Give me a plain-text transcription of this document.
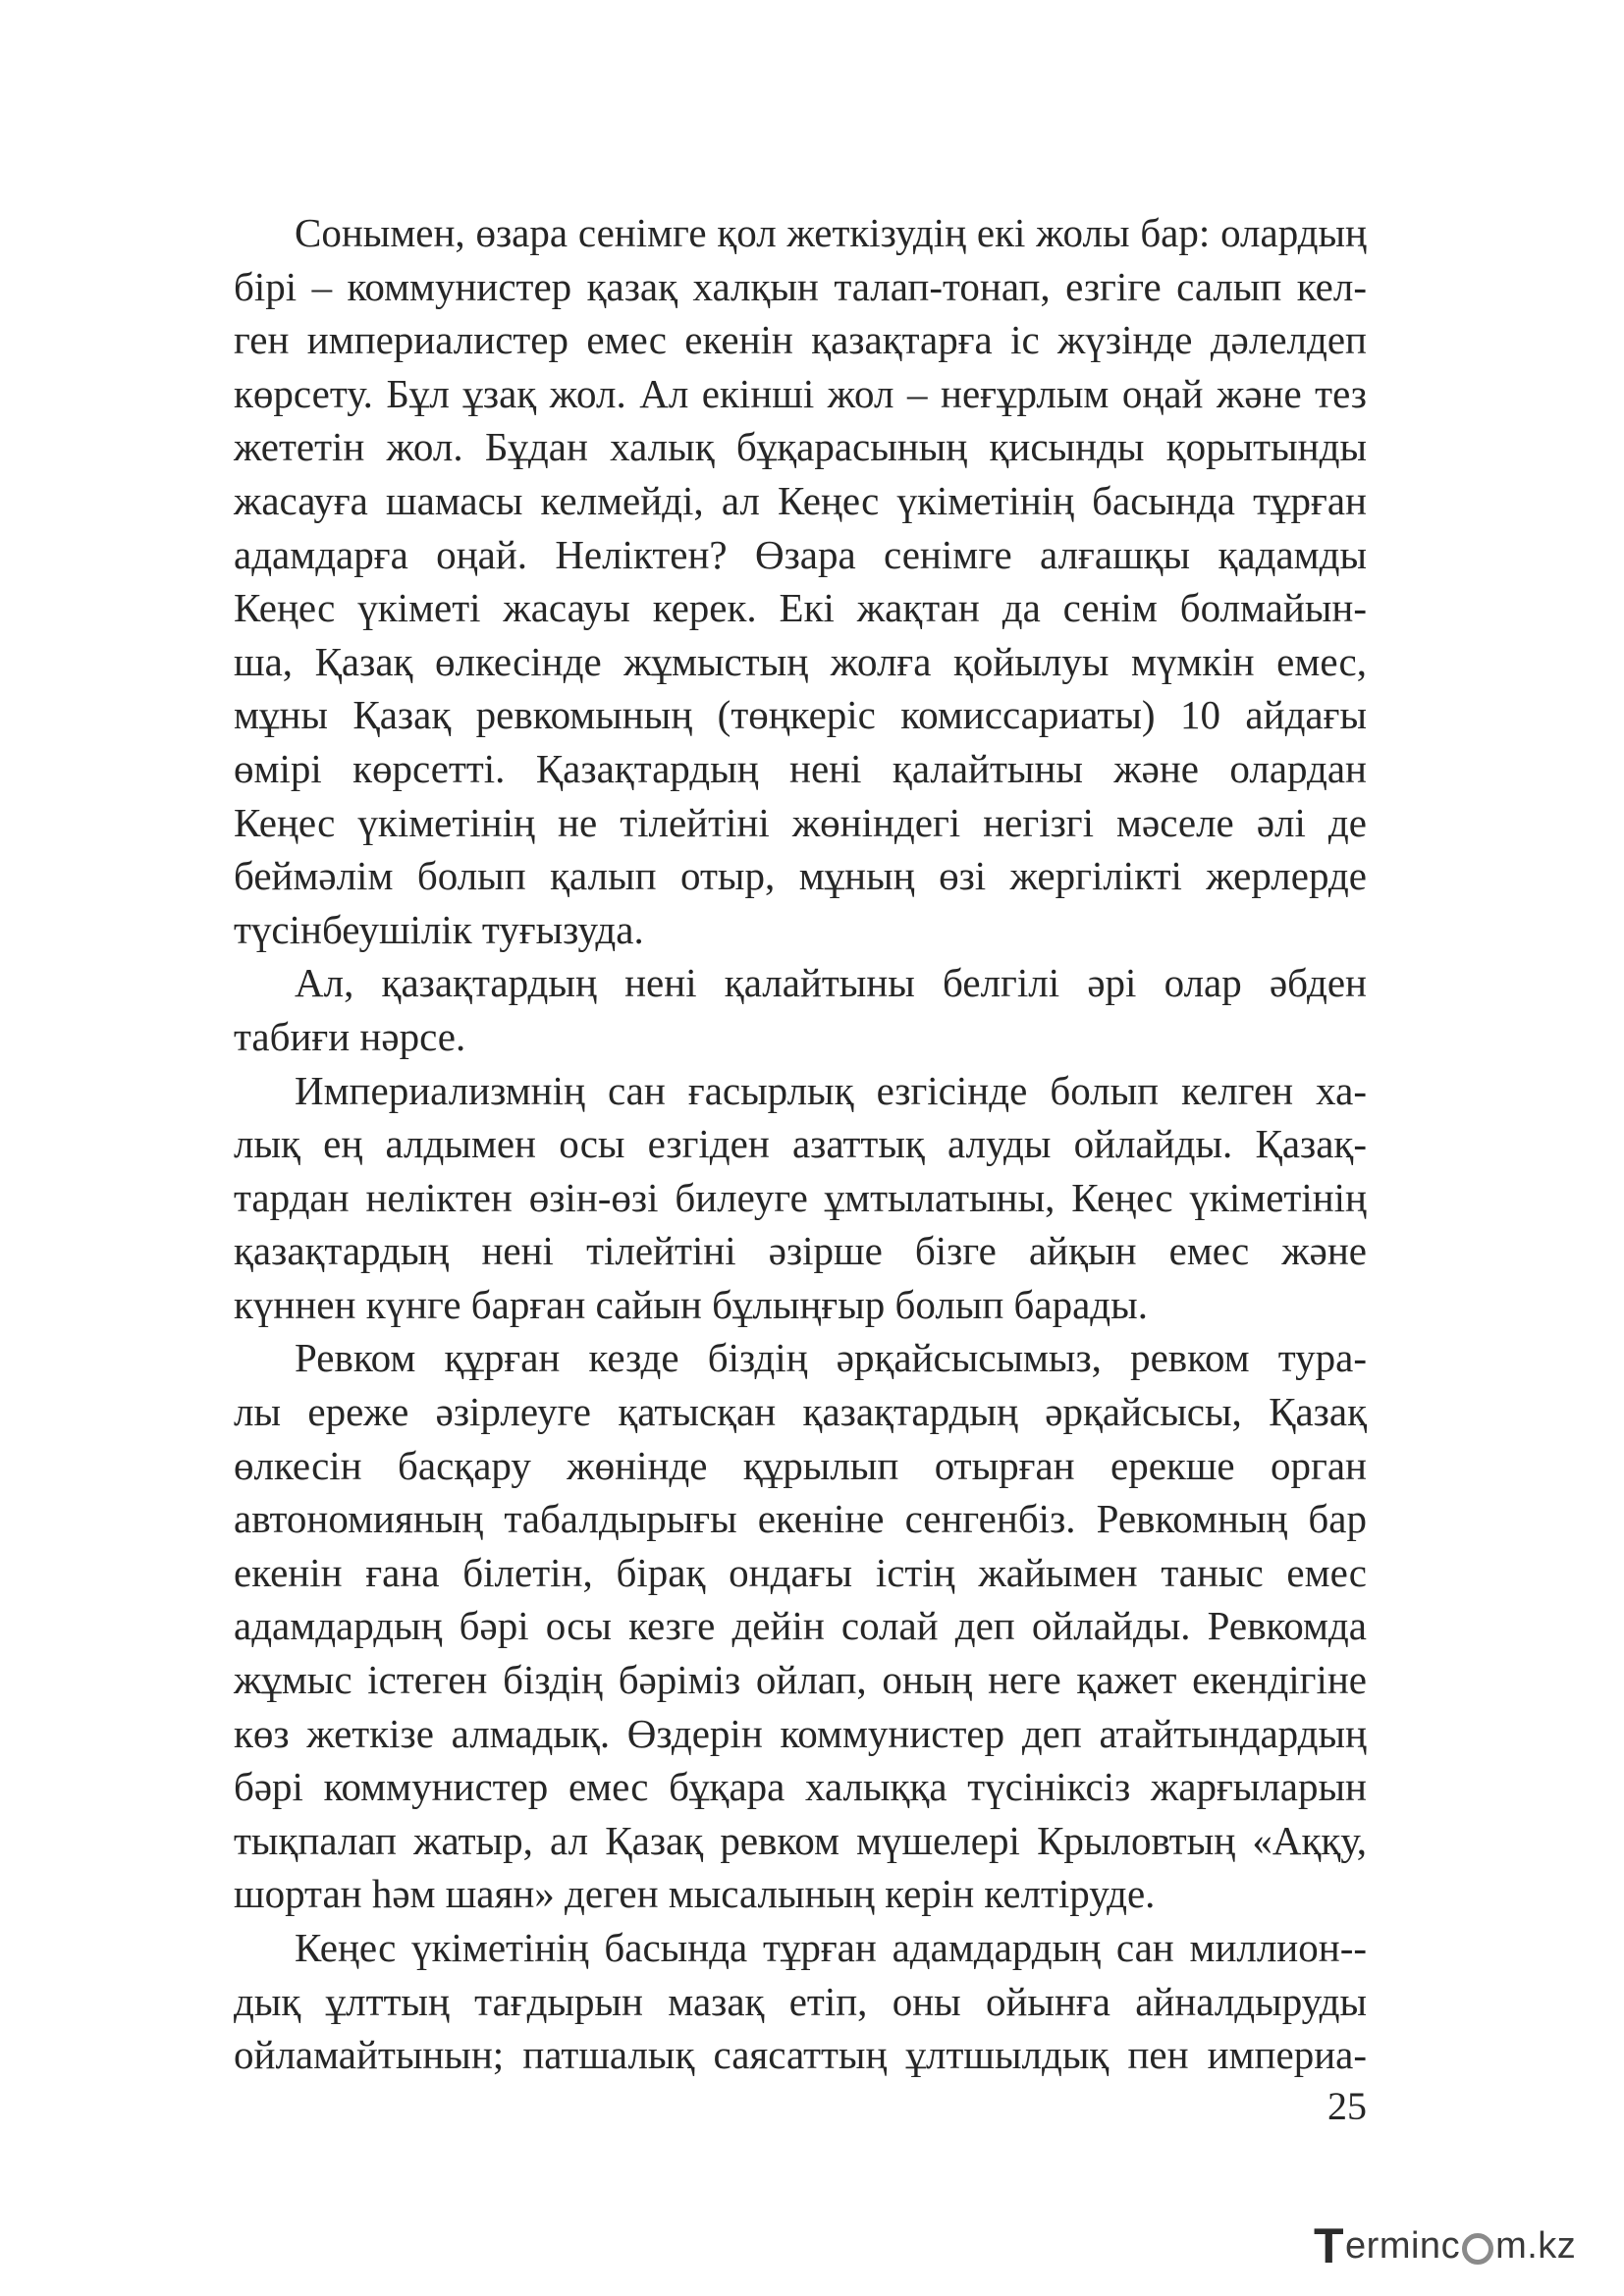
Сонымен, өзара сенімге қол жеткізудің екі жолы бар: олардың
бірі – коммунистер қазақ халқын талап-тонап, езгіге салып кел-
ген империалистер емес екенін қазақтарға іс жүзінде дәлелдеп
көрсету. Бұл ұзақ жол. Ал екінші жол – неғұрлым оңай және тез
жететін жол. Бұдан халық бұқарасының қисынды қорытынды
жасауға шамасы келмейді, ал Кеңес үкіметінің басында тұрған
адамдарға оңай. Неліктен? Өзара сенімге алғашқы қадамды
Кеңес үкіметі жасауы керек. Екі жақтан да сенім болмайын-
ша, Қазақ өлкесінде жұмыстың жолға қойылуы мүмкін емес,
мұны Қазақ ревкомының (төңкеріс комиссариаты) 10 айдағы
өмірі көрсетті. Қазақтардың нені қалайтыны және олардан
Кеңес үкіметінің не тілейтіні жөніндегі негізгі мәселе әлі де
беймәлім болып қалып отыр, мұның өзі жергілікті жерлерде
түсінбеушілік туғызуда.
Ал, қазақтардың нені қалайтыны белгілі әрі олар әбден
табиғи нәрсе.
Империализмнің сан ғасырлық езгісінде болып келген ха-
лық ең алдымен осы езгіден азаттық алуды ойлайды. Қазақ-
тардан неліктен өзін-өзі билеуге ұмтылатыны, Кеңес үкіметінің
қазақтардың нені тілейтіні әзірше бізге айқын емес және
күннен күнге барған сайын бұлыңғыр болып барады.
Ревком құрған кезде біздің әрқайсысымыз, ревком тура-
лы ереже әзірлеуге қатысқан қазақтардың әрқайсысы, Қазақ
өлкесін басқару жөнінде құрылып отырған ерекше орган
автономияның табалдырығы екеніне сенгенбіз. Ревкомның бар
екенін ғана білетін, бірақ ондағы істің жайымен таныс емес
адамдардың бәрі осы кезге дейін солай деп ойлайды. Ревкомда
жұмыс істеген біздің бәріміз ойлап, оның неге қажет екендігіне
көз жеткізе алмадық. Өздерін коммунистер деп атайтындардың
бәрі коммунистер емес бұқара халыққа түсініксіз жарғыларын
тықпалап жатыр, ал Қазақ ревком мүшелері Крыловтың «Аққу,
шортан һәм шаян» деген мысалының керін келтіруде.
Кеңес үкіметінің басында тұрған адамдардың сан миллион--
дық ұлттың тағдырын мазақ етіп, оны ойынға айналдыруды
ойламайтынын; патшалық саясаттың ұлтшылдық пен империа-
25
T erminc m.kz
